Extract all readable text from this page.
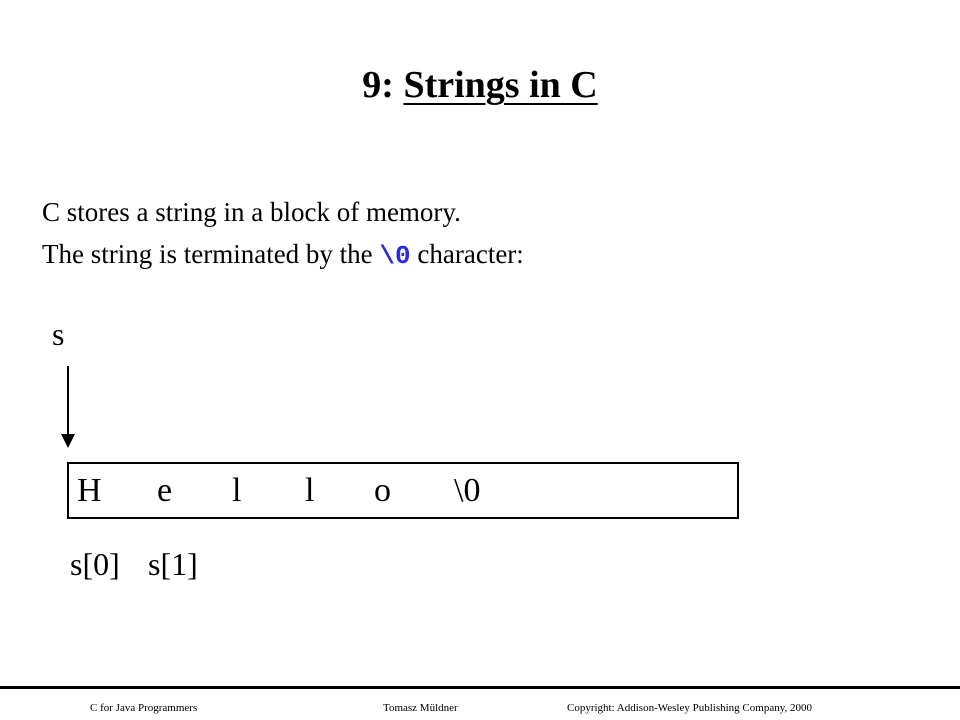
9: Strings in C
C stores a string in a block of memory.
The string is terminated by the \0 character:
s
H e l l o \0
s[0] s[1]
C for Java Programmers	Tomasz Müldner	Copyright: Addison-Wesley Publishing Company, 2000
